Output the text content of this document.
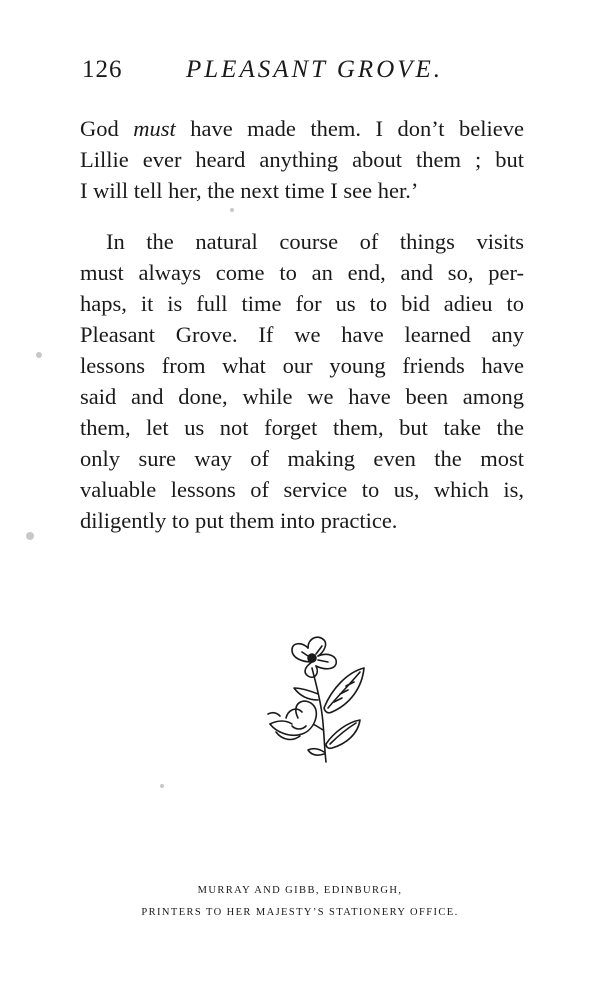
126	PLEASANT GROVE.
God must have made them. I don’t believe
Lillie ever heard anything about them ; but
I will tell her, the next time I see her.’
In the natural course of things visits
must always come to an end, and so, per-
haps, it is full time for us to bid adieu to
Pleasant Grove. If we have learned any
lessons from what our young friends have
said and done, while we have been among
them, let us not forget them, but take the
only sure way of making even the most
valuable lessons of service to us, which is,
diligently to put them into practice.
MURRAY AND GIBB, EDINBURGH,
PRINTERS TO HER MAJESTY’S STATIONERY OFFICE.
